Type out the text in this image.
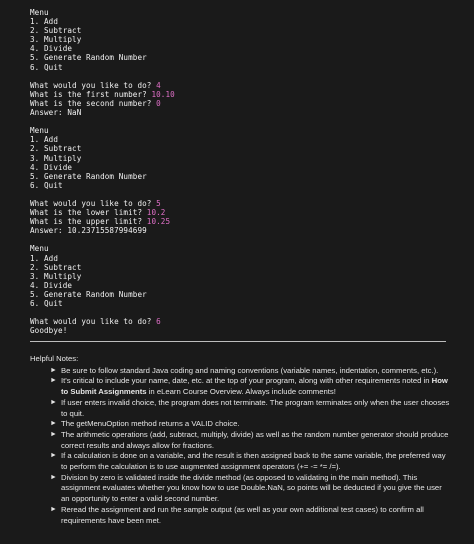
Menu
1. Add
2. Subtract
3. Multiply
4. Divide
5. Generate Random Number
6. Quit
What would you like to do? 4
What is the first number? 10.10
What is the second number? 0
Answer: NaN
Menu
1. Add
2. Subtract
3. Multiply
4. Divide
5. Generate Random Number
6. Quit
What would you like to do? 5
What is the lower limit? 10.2
What is the upper limit? 10.25
Answer: 10.23715587994699
Menu
1. Add
2. Subtract
3. Multiply
4. Divide
5. Generate Random Number
6. Quit
What would you like to do? 6
Goodbye!
Helpful Notes:
► Be sure to follow standard Java coding and naming conventions (variable names, indentation, comments, etc.).
► It's critical to include your name, date, etc. at the top of your program, along with other requirements noted in How to Submit Assignments in eLearn Course Overview. Always include comments!
► If user enters invalid choice, the program does not terminate. The program terminates only when the user chooses to quit.
► The getMenuOption method returns a VALID choice.
► The arithmetic operations (add, subtract, multiply, divide) as well as the random number generator should produce correct results and always allow for fractions.
► If a calculation is done on a variable, and the result is then assigned back to the same variable, the preferred way to perform the calculation is to use augmented assignment operators (+= -= *= /=).
► Division by zero is validated inside the divide method (as opposed to validating in the main method). This assignment evaluates whether you know how to use Double.NaN, so points will be deducted if you give the user an opportunity to enter a valid second number.
► Reread the assignment and run the sample output (as well as your own additional test cases) to confirm all requirements have been met.
